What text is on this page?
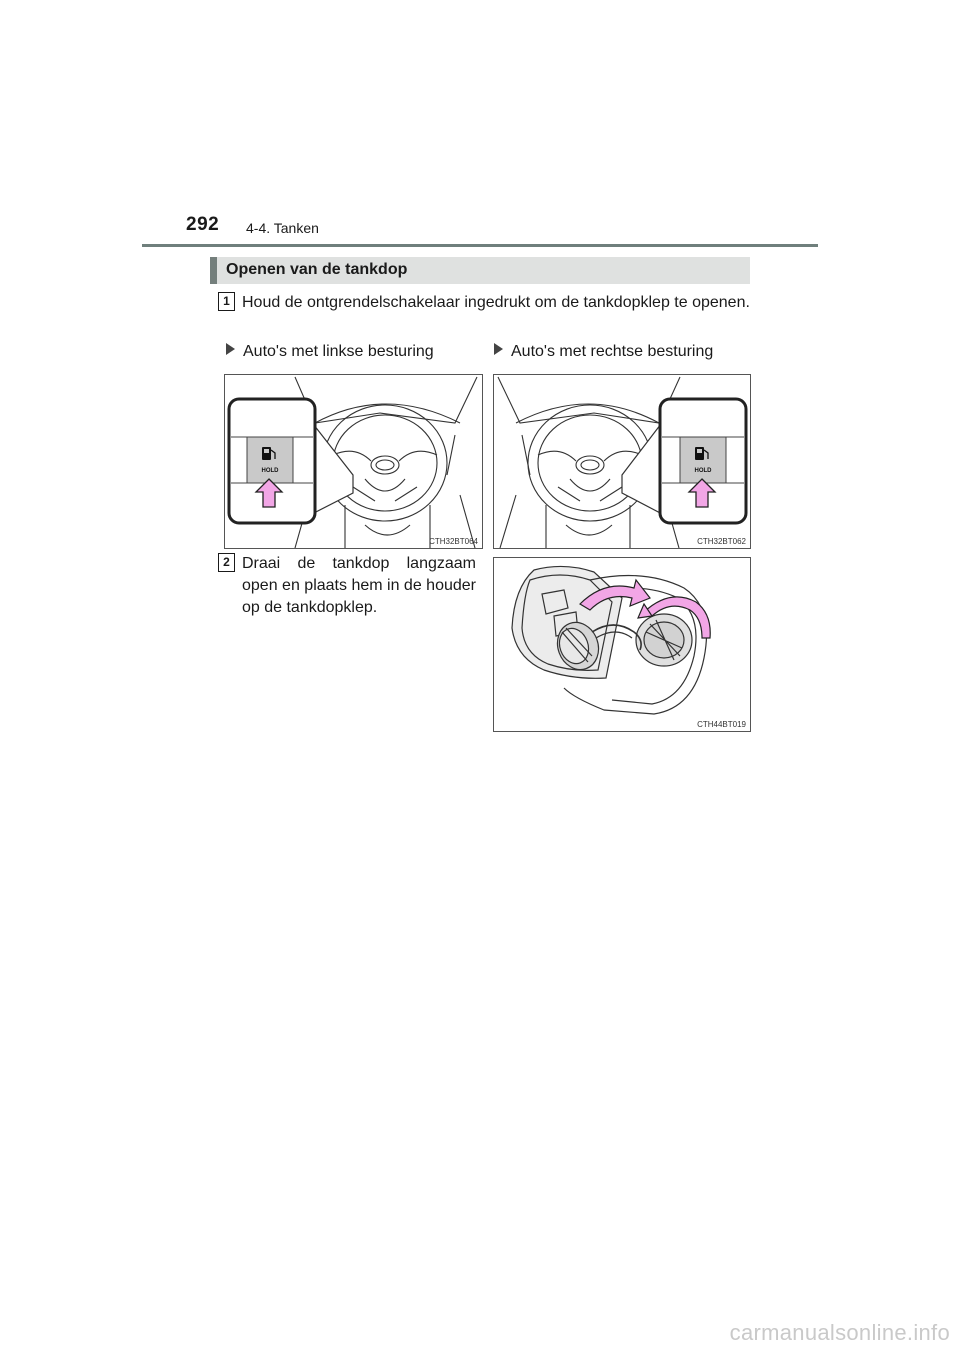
292 4-4. Tanken
Openen van de tankdop
1 Houd de ontgrendelschakelaar ingedrukt om de tankdopklep te openen.
Auto's met linkse besturing	Auto's met rechtse besturing
HOLD
CTH32BT064
HOLD
CTH32BT062
2 Draai de tankdop langzaam open en plaats hem in de houder op de tankdopklep.
CTH44BT019
carmanualsonline.info
